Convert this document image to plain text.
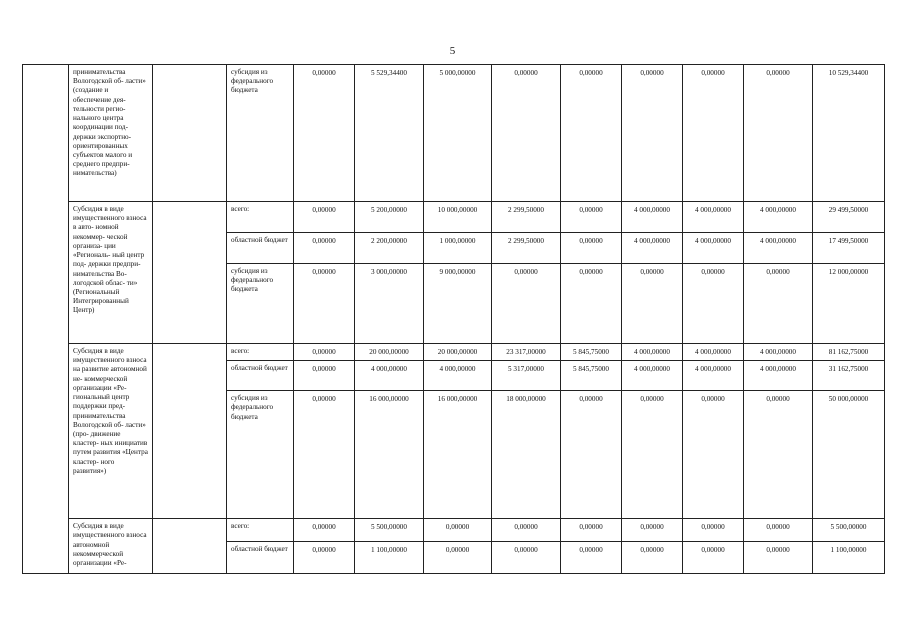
5
	принимательства Вологодской об- ласти» (создание и обеспечение дея- тельности регио- нального центра координации под- держки экспортно- ориентированных субъектов малого и среднего предпри- нимательства)		субсидия из федерального бюджета	0,00000	5 529,34400	5 000,00000	0,00000	0,00000	0,00000	0,00000	0,00000	10 529,34400
	Субсидия в виде имущественного взноса в авто- номной некоммер- ческой организа- ции «Региональ- ный центр под- держки предпри- нимательства Во- логодской облас- ти» (Региональный Интегрированный Центр)		всего:	0,00000	5 200,00000	10 000,00000	2 299,50000	0,00000	4 000,00000	4 000,00000	4 000,00000	29 499,50000
			областной бюджет	0,00000	2 200,00000	1 000,00000	2 299,50000	0,00000	4 000,00000	4 000,00000	4 000,00000	17 499,50000
			субсидия из федерального бюджета	0,00000	3 000,00000	9 000,00000	0,00000	0,00000	0,00000	0,00000	0,00000	12 000,00000
	Субсидия в виде имущественного взноса на развитие автономной не- коммерческой организации «Ре- гиональный центр поддержки пред- принимательства Вологодской об- ласти» (про- движение кластер- ных инициатив путем развития «Центра кластер- ного развития»)		всего:	0,00000	20 000,00000	20 000,00000	23 317,00000	5 845,75000	4 000,00000	4 000,00000	4 000,00000	81 162,75000
			областной бюджет	0,00000	4 000,00000	4 000,00000	5 317,00000	5 845,75000	4 000,00000	4 000,00000	4 000,00000	31 162,75000
			субсидия из федерального бюджета	0,00000	16 000,00000	16 000,00000	18 000,00000	0,00000	0,00000	0,00000	0,00000	50 000,00000
	Субсидия в виде имущественного взноса автономной некоммерческой организации «Ре-		всего:	0,00000	5 500,00000	0,00000	0,00000	0,00000	0,00000	0,00000	0,00000	5 500,00000
			областной бюджет	0,00000	1 100,00000	0,00000	0,00000	0,00000	0,00000	0,00000	0,00000	1 100,00000
